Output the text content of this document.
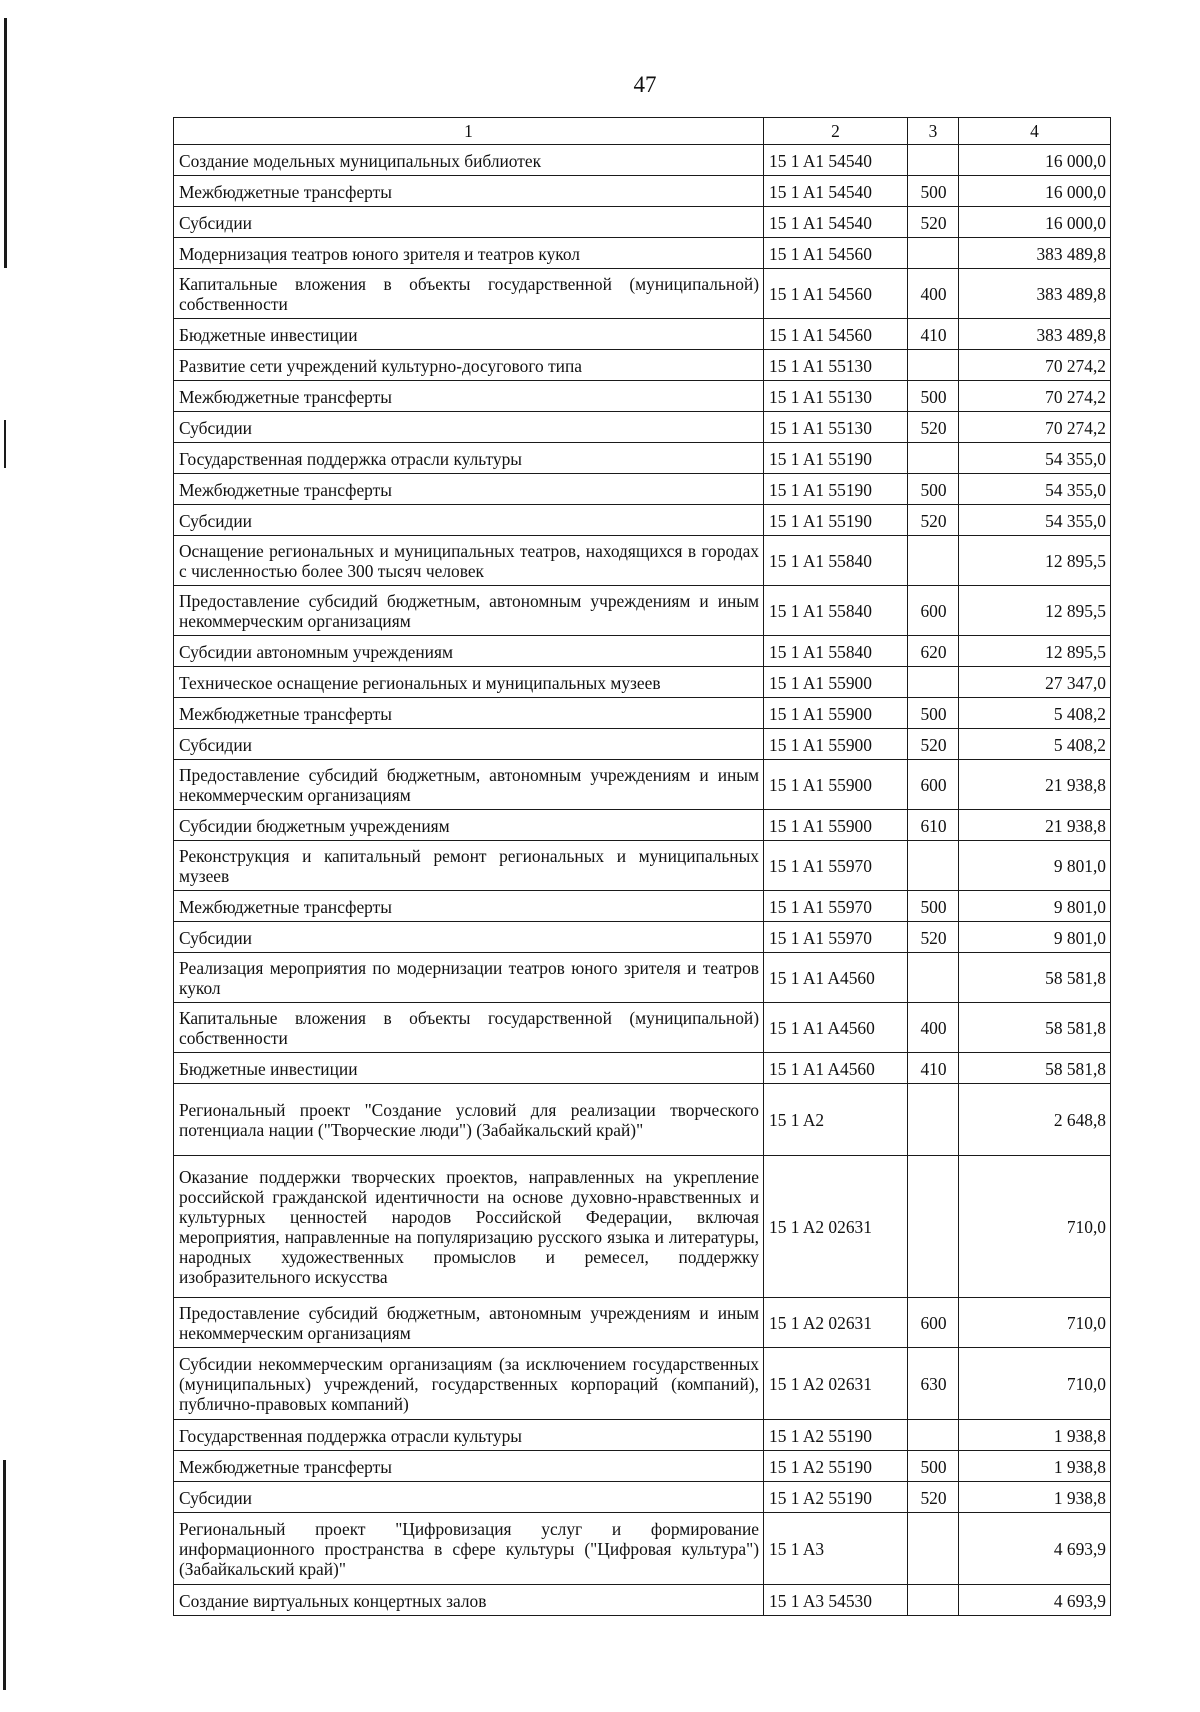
47
1	2	3	4
Создание модельных муниципальных библиотек	15 1 A1 54540		16 000,0
Межбюджетные трансферты	15 1 A1 54540	500	16 000,0
Субсидии	15 1 A1 54540	520	16 000,0
Модернизация театров юного зрителя и театров кукол	15 1 A1 54560		383 489,8
Капитальные вложения в объекты государственной (муниципальной) собственности	15 1 A1 54560	400	383 489,8
Бюджетные инвестиции	15 1 A1 54560	410	383 489,8
Развитие сети учреждений культурно-досугового типа	15 1 A1 55130		70 274,2
Межбюджетные трансферты	15 1 A1 55130	500	70 274,2
Субсидии	15 1 A1 55130	520	70 274,2
Государственная поддержка отрасли культуры	15 1 A1 55190		54 355,0
Межбюджетные трансферты	15 1 A1 55190	500	54 355,0
Субсидии	15 1 A1 55190	520	54 355,0
Оснащение региональных и муниципальных театров, находящихся в городах с численностью более 300 тысяч человек	15 1 A1 55840		12 895,5
Предоставление субсидий бюджетным, автономным учреждениям и иным некоммерческим организациям	15 1 A1 55840	600	12 895,5
Субсидии автономным учреждениям	15 1 A1 55840	620	12 895,5
Техническое оснащение региональных и муниципальных музеев	15 1 A1 55900		27 347,0
Межбюджетные трансферты	15 1 A1 55900	500	5 408,2
Субсидии	15 1 A1 55900	520	5 408,2
Предоставление субсидий бюджетным, автономным учреждениям и иным некоммерческим организациям	15 1 A1 55900	600	21 938,8
Субсидии бюджетным учреждениям	15 1 A1 55900	610	21 938,8
Реконструкция и капитальный ремонт региональных и муниципальных музеев	15 1 A1 55970		9 801,0
Межбюджетные трансферты	15 1 A1 55970	500	9 801,0
Субсидии	15 1 A1 55970	520	9 801,0
Реализация мероприятия по модернизации театров юного зрителя и театров кукол	15 1 A1 A4560		58 581,8
Капитальные вложения в объекты государственной (муниципальной) собственности	15 1 A1 A4560	400	58 581,8
Бюджетные инвестиции	15 1 A1 A4560	410	58 581,8
Региональный проект "Создание условий для реализации творческого потенциала нации ("Творческие люди") (Забайкальский край)"	15 1 A2		2 648,8
Оказание поддержки творческих проектов, направленных на укрепление российской гражданской идентичности на основе духовно-нравственных и культурных ценностей народов Российской Федерации, включая мероприятия, направленные на популяризацию русского языка и литературы, народных художественных промыслов и ремесел, поддержку изобразительного искусства	15 1 A2 02631		710,0
Предоставление субсидий бюджетным, автономным учреждениям и иным некоммерческим организациям	15 1 A2 02631	600	710,0
Субсидии некоммерческим организациям (за исключением государственных (муниципальных) учреждений, государственных корпораций (компаний), публично-правовых компаний)	15 1 A2 02631	630	710,0
Государственная поддержка отрасли культуры	15 1 A2 55190		1 938,8
Межбюджетные трансферты	15 1 A2 55190	500	1 938,8
Субсидии	15 1 A2 55190	520	1 938,8
Региональный проект "Цифровизация услуг и формирование информационного пространства в сфере культуры ("Цифровая культура") (Забайкальский край)"	15 1 A3		4 693,9
Создание виртуальных концертных залов	15 1 A3 54530		4 693,9
